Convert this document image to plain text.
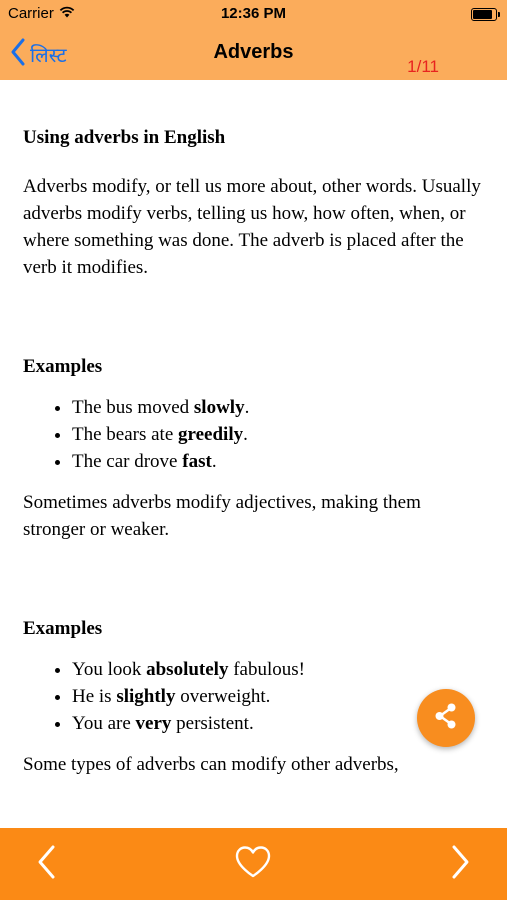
Carrier	12:36 PM
लिस्ट	Adverbs
1/11
Using adverbs in English
Adverbs modify, or tell us more about, other words. Usually adverbs modify verbs, telling us how, how often, when, or where something was done. The adverb is placed after the verb it modifies.
Examples
• The bus moved slowly.
• The bears ate greedily.
• The car drove fast.
Sometimes adverbs modify adjectives, making them stronger or weaker.
Examples
• You look absolutely fabulous!
• He is slightly overweight.
• You are very persistent.
Some types of adverbs can modify other adverbs,
